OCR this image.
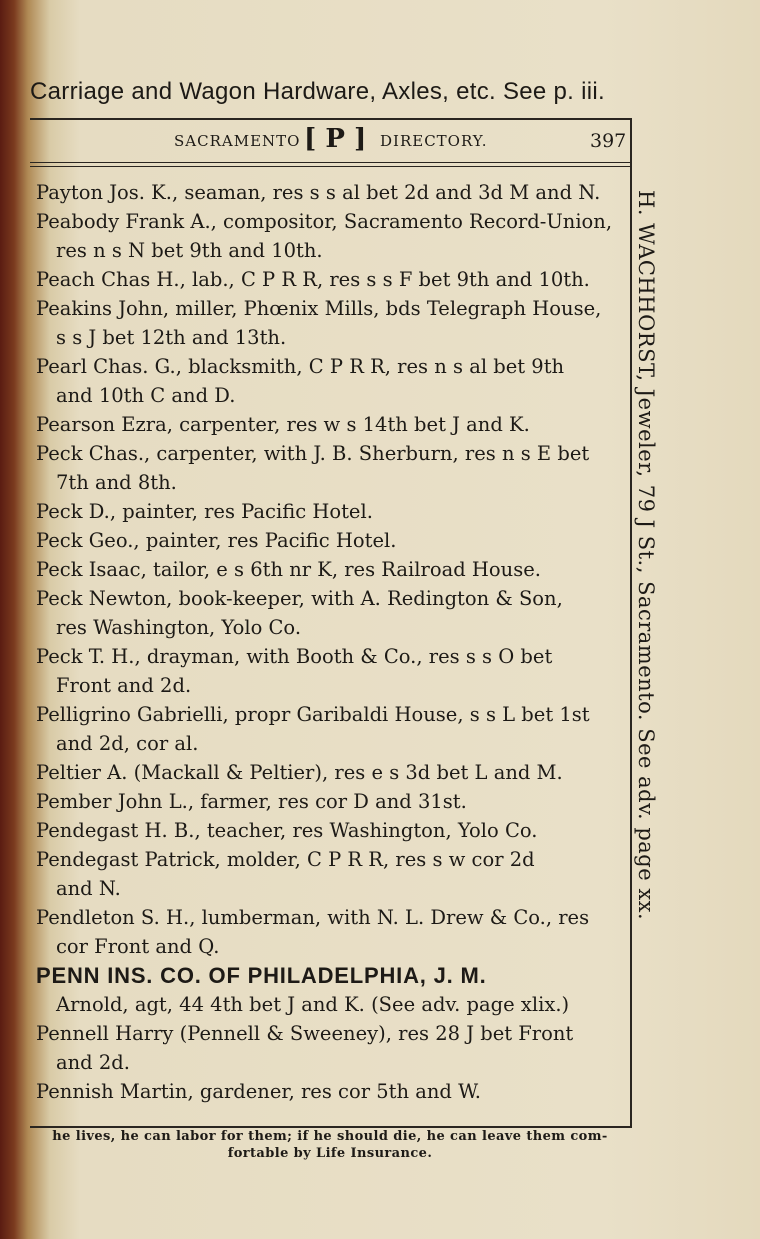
Carriage and Wagon Hardware, Axles, etc. See p. iii.
SACRAMENTO [ P ] DIRECTORY.	397
Payton Jos. K., seaman, res s s al bet 2d and 3d M and N.
Peabody Frank A., compositor, Sacramento Record-Union,
res n s N bet 9th and 10th.
Peach Chas H., lab., C P R R, res s s F bet 9th and 10th.
Peakins John, miller, Phœnix Mills, bds Telegraph House,
s s J bet 12th and 13th.
Pearl Chas. G., blacksmith, C P R R, res n s al bet 9th
and 10th C and D.
Pearson Ezra, carpenter, res w s 14th bet J and K.
Peck Chas., carpenter, with J. B. Sherburn, res n s E bet
7th and 8th.
Peck D., painter, res Pacific Hotel.
Peck Geo., painter, res Pacific Hotel.
Peck Isaac, tailor, e s 6th nr K, res Railroad House.
Peck Newton, book-keeper, with A. Redington & Son,
res Washington, Yolo Co.
Peck T. H., drayman, with Booth & Co., res s s O bet
Front and 2d.
Pelligrino Gabrielli, propr Garibaldi House, s s L bet 1st
and 2d, cor al.
Peltier A. (Mackall & Peltier), res e s 3d bet L and M.
Pember John L., farmer, res cor D and 31st.
Pendegast H. B., teacher, res Washington, Yolo Co.
Pendegast Patrick, molder, C P R R, res s w cor 2d
and N.
Pendleton S. H., lumberman, with N. L. Drew & Co., res
cor Front and Q.
PENN INS. CO. OF PHILADELPHIA, J. M.
Arnold, agt, 44 4th bet J and K. (See adv. page xlix.)
Pennell Harry (Pennell & Sweeney), res 28 J bet Front
and 2d.
Pennish Martin, gardener, res cor 5th and W.
H. WACHHORST, Jeweler, 79 J St., Sacramento. See adv. page xx.
he lives, he can labor for them; if he should die, he can leave them com-
fortable by Life Insurance.
